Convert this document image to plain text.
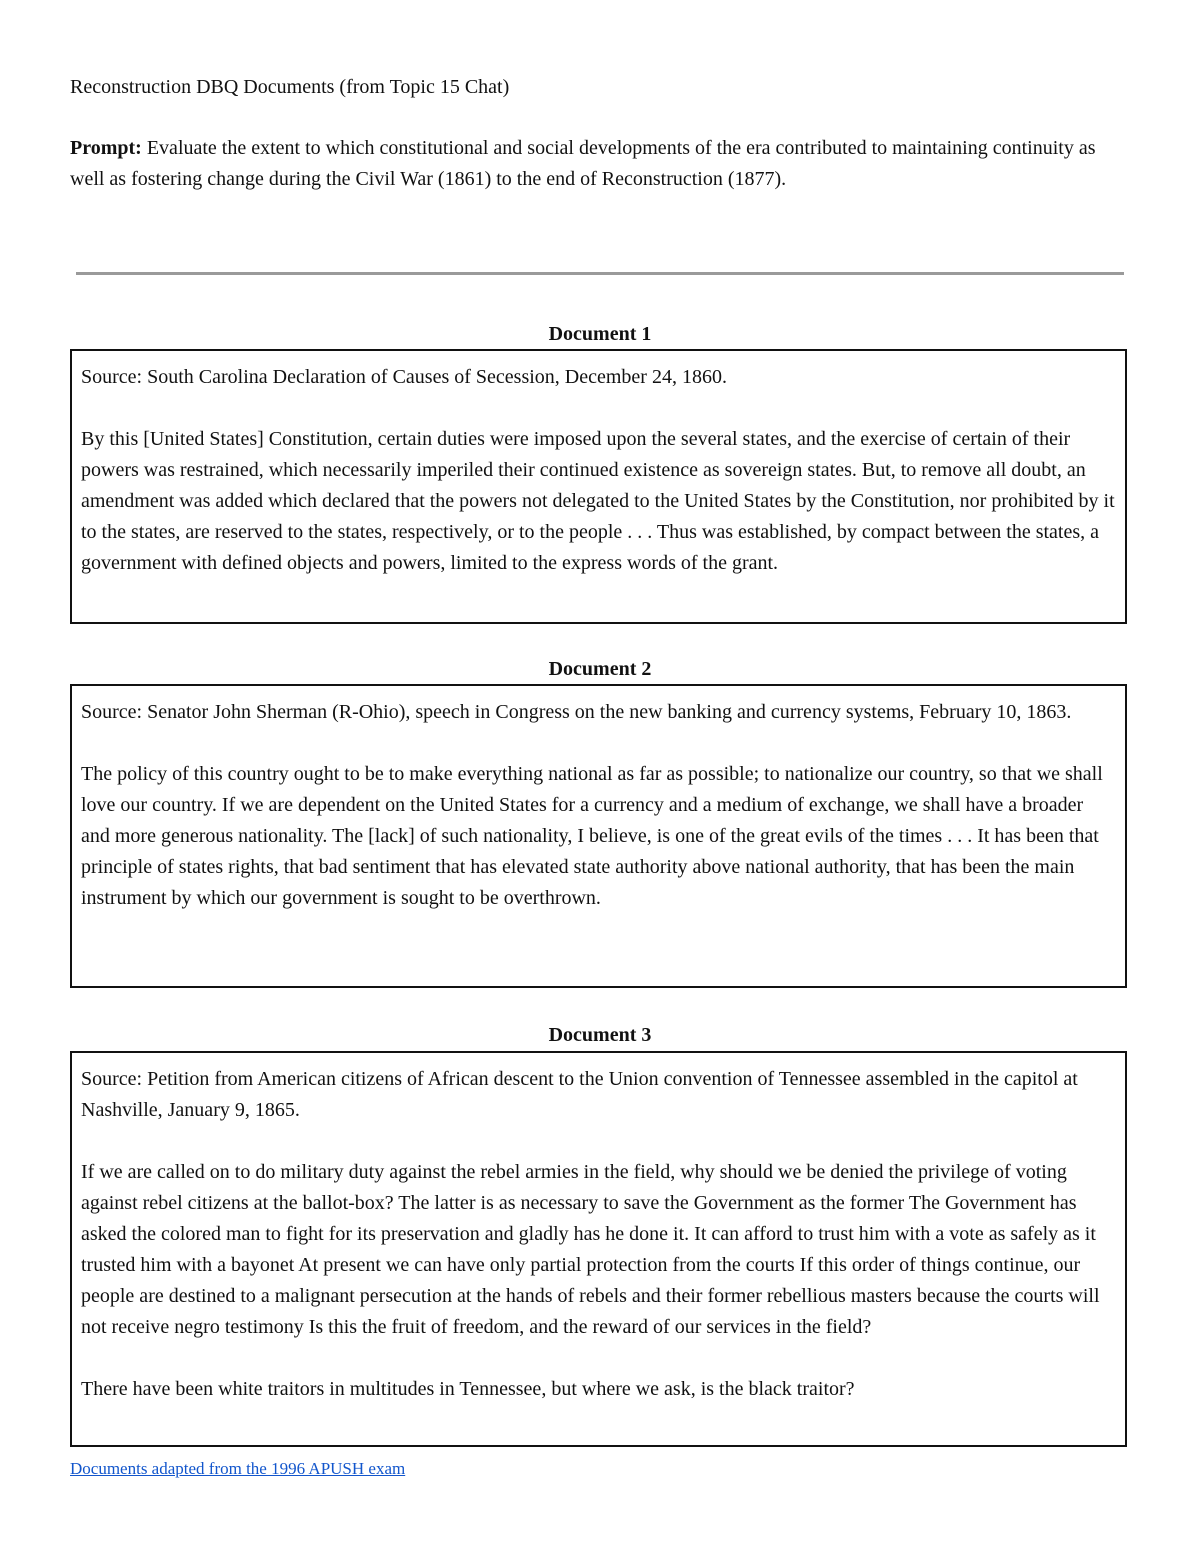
Reconstruction DBQ Documents (from Topic 15 Chat)
Prompt: Evaluate the extent to which constitutional and social developments of the era contributed to maintaining continuity as well as fostering change during the Civil War (1861) to the end of Reconstruction (1877).
Document 1

Source: South Carolina Declaration of Causes of Secession, December 24, 1860.

By this [United States] Constitution, certain duties were imposed upon the several states, and the exercise of certain of their powers was restrained, which necessarily imperiled their continued existence as sovereign states. But, to remove all doubt, an amendment was added which declared that the powers not delegated to the United States by the Constitution, nor prohibited by it to the states, are reserved to the states, respectively, or to the people . . . Thus was established, by compact between the states, a government with defined objects and powers, limited to the express words of the grant.

Document 2

Source: Senator John Sherman (R-Ohio), speech in Congress on the new banking and currency systems, February 10, 1863.

The policy of this country ought to be to make everything national as far as possible; to nationalize our country, so that we shall love our country. If we are dependent on the United States for a currency and a medium of exchange, we shall have a broader and more generous nationality. The [lack] of such nationality, I believe, is one of the great evils of the times . . . It has been that principle of states rights, that bad sentiment that has elevated state authority above national authority, that has been the main instrument by which our government is sought to be overthrown.

Document 3

Source: Petition from American citizens of African descent to the Union convention of Tennessee assembled in the capitol at Nashville, January 9, 1865.

If we are called on to do military duty against the rebel armies in the field, why should we be denied the privilege of voting against rebel citizens at the ballot-box? The latter is as necessary to save the Government as the former The Government has asked the colored man to fight for its preservation and gladly has he done it. It can afford to trust him with a vote as safely as it trusted him with a bayonet At present we can have only partial protection from the courts If this order of things continue, our people are destined to a malignant persecution at the hands of rebels and their former rebellious masters because the courts will not receive negro testimony Is this the fruit of freedom, and the reward of our services in the field?

There have been white traitors in multitudes in Tennessee, but where we ask, is the black traitor?

Documents adapted from the 1996 APUSH exam
